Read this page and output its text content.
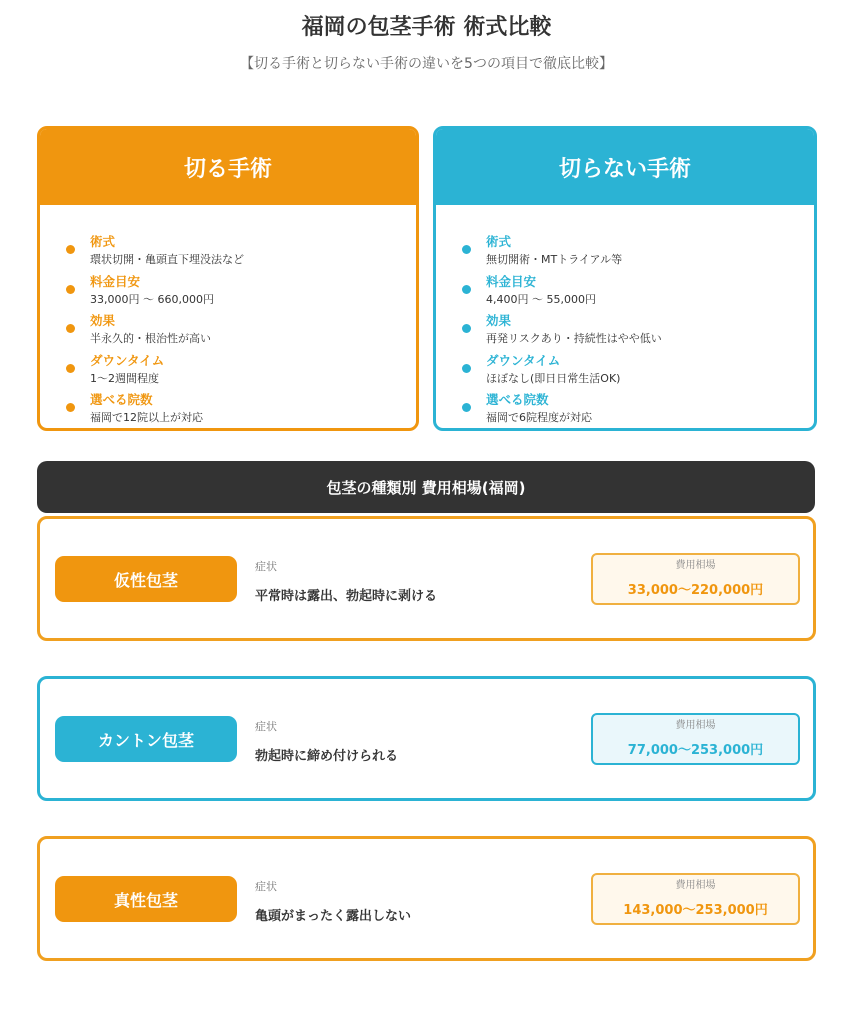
福岡の包茎手術 術式比較
【切る手術と切らない手術の違いを5つの項目で徹底比較】
切る手術
術式
環状切開・亀頭直下埋没法など
料金目安
33,000円 〜 660,000円
効果
半永久的・根治性が高い
ダウンタイム
1〜2週間程度
選べる院数
福岡で12院以上が対応
切らない手術
術式
無切開術・MTトライアル等
料金目安
4,400円 〜 55,000円
効果
再発リスクあり・持続性はやや低い
ダウンタイム
ほぼなし(即日日常生活OK)
選べる院数
福岡で6院程度が対応
包茎の種類別 費用相場(福岡)
仮性包茎
症状
平常時は露出、勃起時に剥ける
費用相場
33,000〜220,000円
カントン包茎
症状
勃起時に締め付けられる
費用相場
77,000〜253,000円
真性包茎
症状
亀頭がまったく露出しない
費用相場
143,000〜253,000円
